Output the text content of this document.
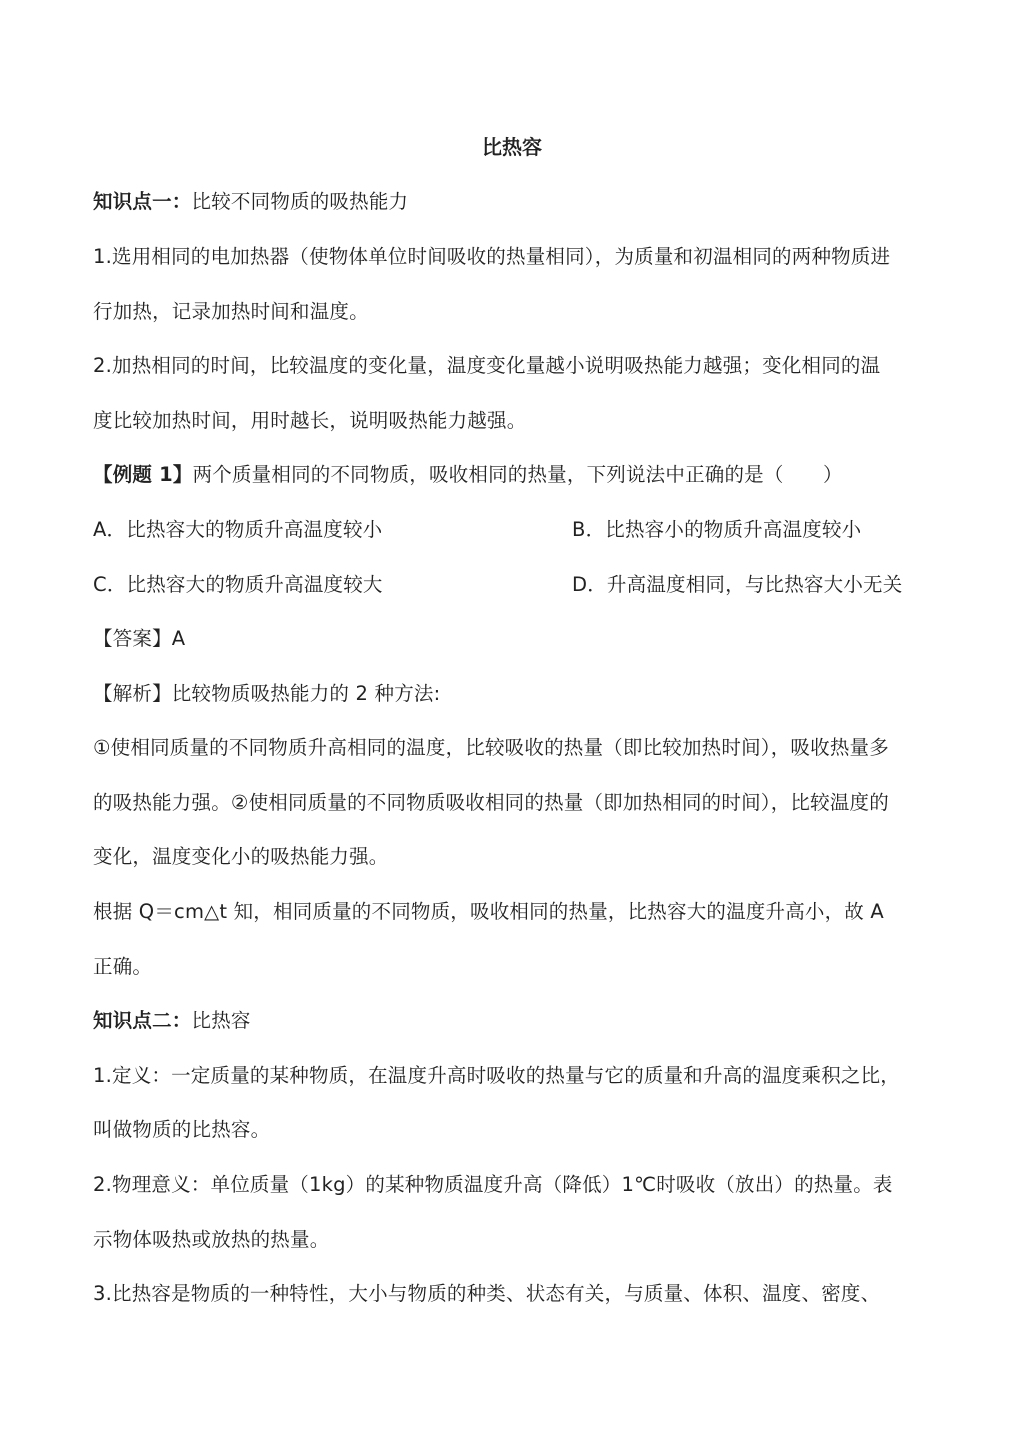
比热容
知识点一：比较不同物质的吸热能力
1.选用相同的电加热器（使物体单位时间吸收的热量相同），为质量和初温相同的两种物质进
行加热，记录加热时间和温度。
2.加热相同的时间，比较温度的变化量，温度变化量越小说明吸热能力越强；变化相同的温
度比较加热时间，用时越长，说明吸热能力越强。
【例题 1】两个质量相同的不同物质，吸收相同的热量，下列说法中正确的是（　　）
A．比热容大的物质升高温度较小	B．比热容小的物质升高温度较小
C．比热容大的物质升高温度较大	D．升高温度相同，与比热容大小无关
【答案】A
【解析】比较物质吸热能力的 2 种方法:
①使相同质量的不同物质升高相同的温度，比较吸收的热量（即比较加热时间），吸收热量多
的吸热能力强。②使相同质量的不同物质吸收相同的热量（即加热相同的时间），比较温度的
变化，温度变化小的吸热能力强。
根据 Q＝cm△t 知，相同质量的不同物质，吸收相同的热量，比热容大的温度升高小，故 A
正确。
知识点二：比热容
1.定义：一定质量的某种物质，在温度升高时吸收的热量与它的质量和升高的温度乘积之比，
叫做物质的比热容。
2.物理意义：单位质量（1kg）的某种物质温度升高（降低）1℃时吸收（放出）的热量。表
示物体吸热或放热的热量。
3.比热容是物质的一种特性，大小与物质的种类、状态有关，与质量、体积、温度、密度、
